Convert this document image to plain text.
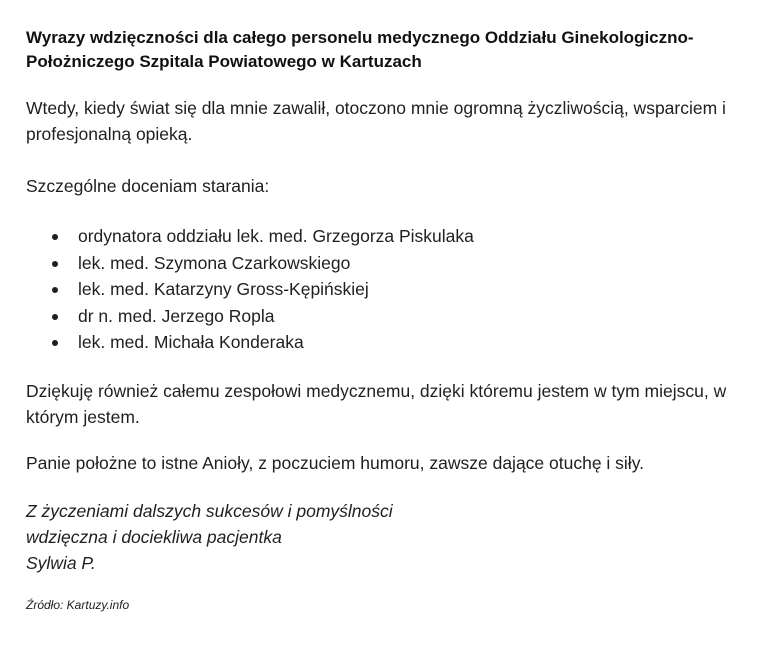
Wyrazy wdzięczności dla całego personelu medycznego Oddziału Ginekologiczno-Położniczego Szpitala Powiatowego w Kartuzach

Wtedy, kiedy świat się dla mnie zawalił, otoczono mnie ogromną życzliwością, wsparciem i profesjonalną opieką.

Szczególne doceniam starania:

ordynatora oddziału lek. med. Grzegorza Piskulaka
lek. med. Szymona Czarkowskiego
lek. med. Katarzyny Gross-Kępińskiej
dr n. med. Jerzego Ropla
lek. med. Michała Konderaka

Dziękuję również całemu zespołowi medycznemu, dzięki któremu jestem w tym miejscu, w którym jestem.

Panie położne to istne Anioły, z poczuciem humoru, zawsze dające otuchę i siły.

Z życzeniami dalszych sukcesów i pomyślności
wdzięczna i dociekliwa pacjentka
Sylwia P.
Źródło: Kartuzy.info
